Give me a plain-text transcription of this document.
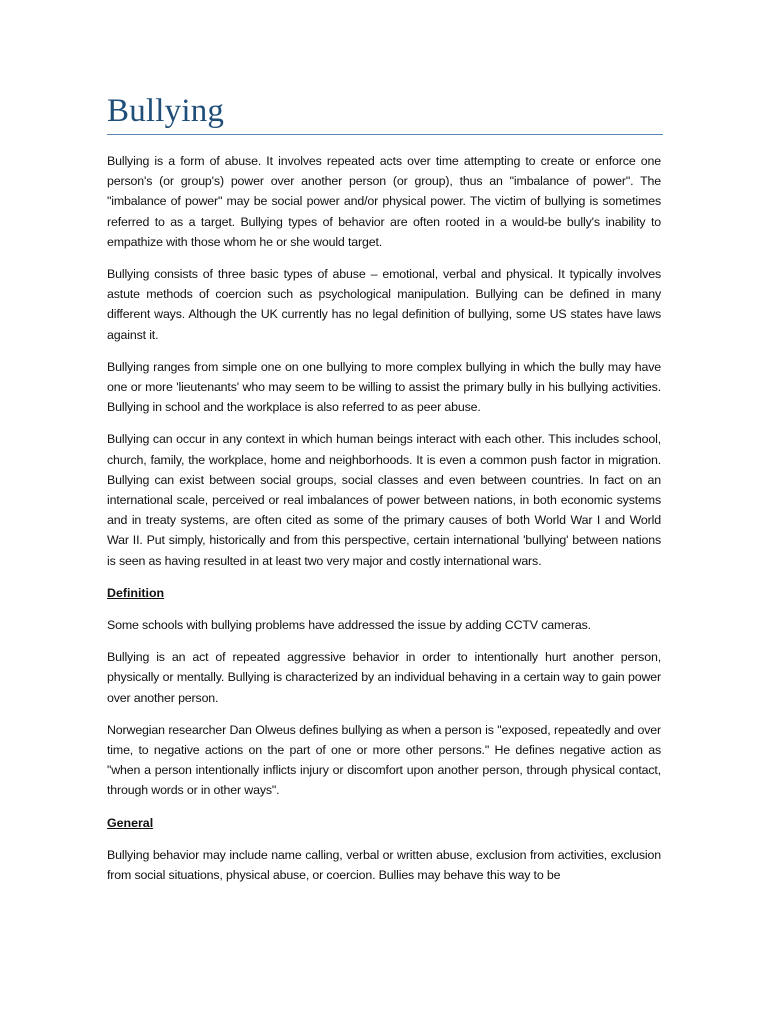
Bullying

Bullying is a form of abuse. It involves repeated acts over time attempting to create or enforce one person's (or group's) power over another person (or group), thus an "imbalance of power". The "imbalance of power" may be social power and/or physical power. The victim of bullying is sometimes referred to as a target. Bullying types of behavior are often rooted in a would-be bully's inability to empathize with those whom he or she would target.

Bullying consists of three basic types of abuse – emotional, verbal and physical. It typically involves astute methods of coercion such as psychological manipulation. Bullying can be defined in many different ways. Although the UK currently has no legal definition of bullying, some US states have laws against it.

Bullying ranges from simple one on one bullying to more complex bullying in which the bully may have one or more 'lieutenants' who may seem to be willing to assist the primary bully in his bullying activities. Bullying in school and the workplace is also referred to as peer abuse.

Bullying can occur in any context in which human beings interact with each other. This includes school, church, family, the workplace, home and neighborhoods. It is even a common push factor in migration. Bullying can exist between social groups, social classes and even between countries. In fact on an international scale, perceived or real imbalances of power between nations, in both economic systems and in treaty systems, are often cited as some of the primary causes of both World War I and World War II. Put simply, historically and from this perspective, certain international 'bullying' between nations is seen as having resulted in at least two very major and costly international wars.

Definition

Some schools with bullying problems have addressed the issue by adding CCTV cameras.

Bullying is an act of repeated aggressive behavior in order to intentionally hurt another person, physically or mentally. Bullying is characterized by an individual behaving in a certain way to gain power over another person.

Norwegian researcher Dan Olweus defines bullying as when a person is "exposed, repeatedly and over time, to negative actions on the part of one or more other persons." He defines negative action as "when a person intentionally inflicts injury or discomfort upon another person, through physical contact, through words or in other ways".

General

Bullying behavior may include name calling, verbal or written abuse, exclusion from activities, exclusion from social situations, physical abuse, or coercion. Bullies may behave this way to be
